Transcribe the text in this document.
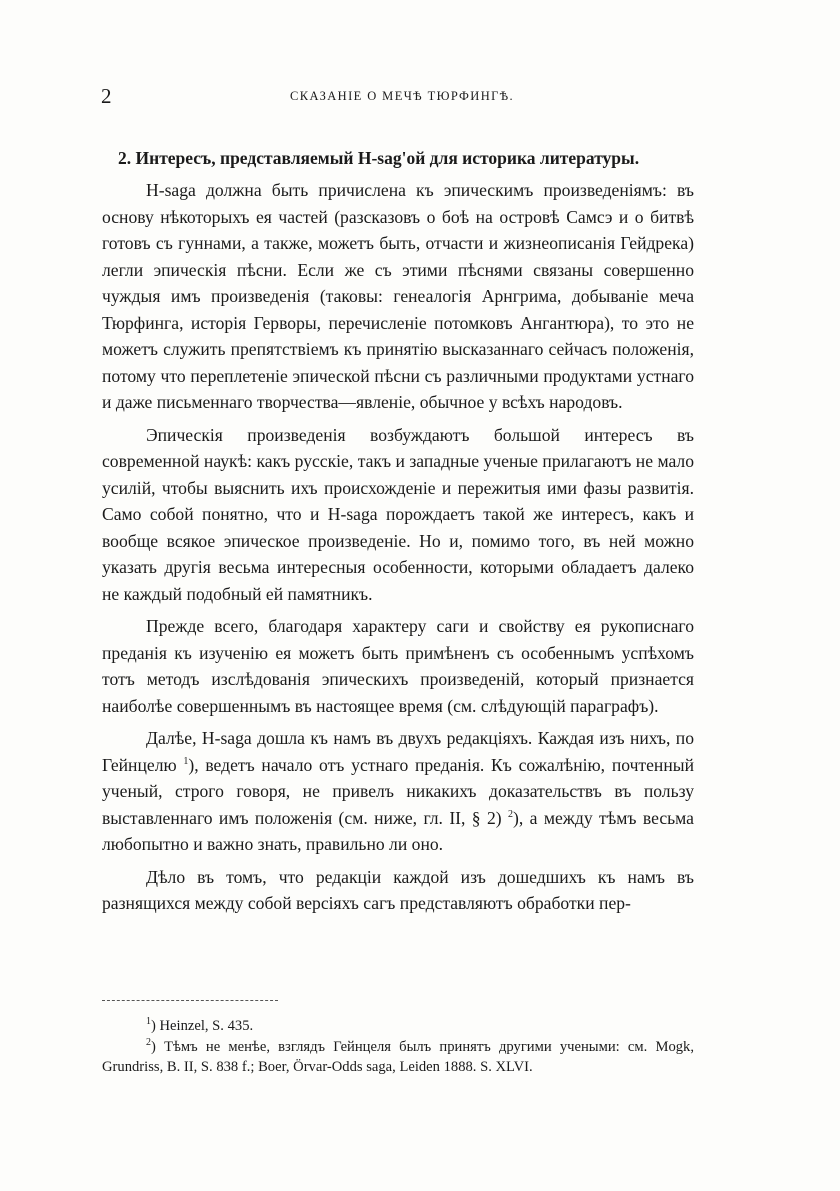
2	СКАЗАНІЕ О МЕЧѢ ТЮРФИНГѢ.
2. Интересъ, представляемый H-sag'ой для историка литературы.

H-saga должна быть причислена къ эпическимъ произведеніямъ: въ основу нѣкоторыхъ ея частей (разсказовъ о боѣ на островѣ Самсэ и о битвѣ готовъ съ гуннами, а также, можетъ быть, отчасти и жизнеописанія Гейдрека) легли эпическія пѣсни. Если же съ этими пѣснями связаны совершенно чуждыя имъ произведенія (таковы: генеалогія Арнгрима, добываніе меча Тюрфинга, исторія Герворы, перечисленіе потомковъ Ангантюра), то это не можетъ служить препятствіемъ къ принятію высказаннаго сейчасъ положенія, потому что переплетеніе эпической пѣсни съ различными продуктами устнаго и даже письменнаго творчества—явленіе, обычное у всѣхъ народовъ.

Эпическія произведенія возбуждаютъ большой интересъ въ современной наукѣ: какъ русскіе, такъ и западные ученые прилагаютъ не мало усилій, чтобы выяснить ихъ происхожденіе и пережитыя ими фазы развитія. Само собой понятно, что и H-saga порождаетъ такой же интересъ, какъ и вообще всякое эпическое произведеніе. Но и, помимо того, въ ней можно указать другія весьма интересныя особенности, которыми обладаетъ далеко не каждый подобный ей памятникъ.

Прежде всего, благодаря характеру саги и свойству ея рукописнаго преданія къ изученію ея можетъ быть примѣненъ съ особеннымъ успѣхомъ тотъ методъ изслѣдованія эпическихъ произведеній, который признается наиболѣе совершеннымъ въ настоящее время (см. слѣдующій параграфъ).

Далѣе, H-saga дошла къ намъ въ двухъ редакціяхъ. Каждая изъ нихъ, по Гейнцелю $^1$), ведетъ начало отъ устнаго преданія. Къ сожалѣнію, почтенный ученый, строго говоря, не привелъ никакихъ доказательствъ въ пользу выставленнаго имъ положенія (см. ниже, гл. II, § 2) $^2$), а между тѣмъ весьма любопытно и важно знать, правильно ли оно.

Дѣло въ томъ, что редакціи каждой изъ дошедшихъ къ намъ въ разнящихся между собой версіяхъ сагъ представляютъ обработки пер-

$^1$) Heinzel, S. 435.

$^2$) Тѣмъ не менѣе, взглядъ Гейнцеля былъ принятъ другими учеными: см. Mogk, Grundriss, B. II, S. 838 f.; Boer, Örvar-Odds saga, Leiden 1888. S. XLVI.
